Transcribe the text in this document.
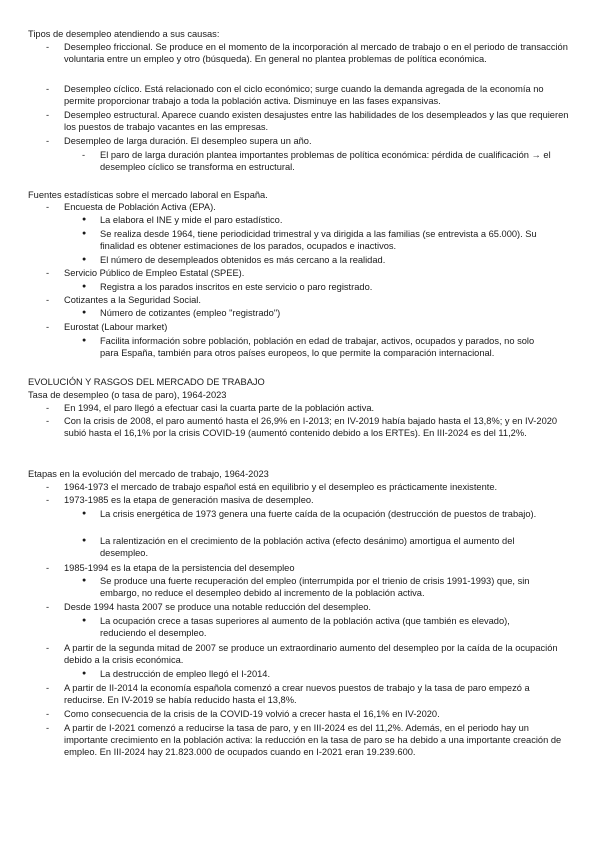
Tipos de desempleo atendiendo a sus causas:
Desempleo friccional. Se produce en el momento de la incorporación al mercado de trabajo o en el periodo de transacción voluntaria entre un empleo y otro (búsqueda). En general no plantea problemas de política económica.
Desempleo cíclico. Está relacionado con el ciclo económico; surge cuando la demanda agregada de la economía no permite proporcionar trabajo a toda la población activa. Disminuye en las fases expansivas.
Desempleo estructural. Aparece cuando existen desajustes entre las habilidades de los desempleados y las que requieren los puestos de trabajo vacantes en las empresas.
Desempleo de larga duración. El desempleo supera un año.
El paro de larga duración plantea importantes problemas de política económica: pérdida de cualificación → el desempleo cíclico se transforma en estructural.
Fuentes estadísticas sobre el mercado laboral en España.
Encuesta de Población Activa (EPA).
La elabora el INE y mide el paro estadístico.
Se realiza desde 1964, tiene periodicidad trimestral y va dirigida a las familias (se entrevista a 65.000). Su finalidad es obtener estimaciones de los parados, ocupados e inactivos.
El número de desempleados obtenidos es más cercano a la realidad.
Servicio Público de Empleo Estatal (SPEE).
Registra a los parados inscritos en este servicio o paro registrado.
Cotizantes a la Seguridad Social.
Número de cotizantes (empleo "registrado")
Eurostat (Labour market)
Facilita información sobre población, población en edad de trabajar, activos, ocupados y parados, no solo para España, también para otros países europeos, lo que permite la comparación internacional.
EVOLUCIÓN Y RASGOS DEL MERCADO DE TRABAJO
Tasa de desempleo (o tasa de paro), 1964-2023
En 1994, el paro llegó a efectuar casi la cuarta parte de la población activa.
Con la crisis de 2008, el paro aumentó hasta el 26,9% en I-2013; en IV-2019 había bajado hasta el 13,8%; y en IV-2020 subió hasta el 16,1% por la crisis COVID-19 (aumentó contenido debido a los ERTEs). En III-2024 es del 11,2%.
Etapas en la evolución del mercado de trabajo, 1964-2023
1964-1973 el mercado de trabajo español está en equilibrio y el desempleo es prácticamente inexistente.
1973-1985 es la etapa de generación masiva de desempleo.
La crisis energética de 1973 genera una fuerte caída de la ocupación (destrucción de puestos de trabajo).
La ralentización en el crecimiento de la población activa (efecto desánimo) amortigua el aumento del desempleo.
1985-1994 es la etapa de la persistencia del desempleo
Se produce una fuerte recuperación del empleo (interrumpida por el trienio de crisis 1991-1993) que, sin embargo, no reduce el desempleo debido al incremento de la población activa.
Desde 1994 hasta 2007 se produce una notable reducción del desempleo.
La ocupación crece a tasas superiores al aumento de la población activa (que también es elevado), reduciendo el desempleo.
A partir de la segunda mitad de 2007 se produce un extraordinario aumento del desempleo por la caída de la ocupación debido a la crisis económica.
La destrucción de empleo llegó el I-2014.
A partir de II-2014 la economía española comenzó a crear nuevos puestos de trabajo y la tasa de paro empezó a reducirse. En IV-2019 se había reducido hasta el 13,8%.
Como consecuencia de la crisis de la COVID-19 volvió a crecer hasta el 16,1% en IV-2020.
A partir de I-2021 comenzó a reducirse la tasa de paro, y en III-2024 es del 11,2%. Además, en el periodo hay un importante crecimiento en la población activa: la reducción en la tasa de paro se ha debido a una importante creación de empleo. En III-2024 hay 21.823.000 de ocupados cuando en I-2021 eran 19.239.600.
